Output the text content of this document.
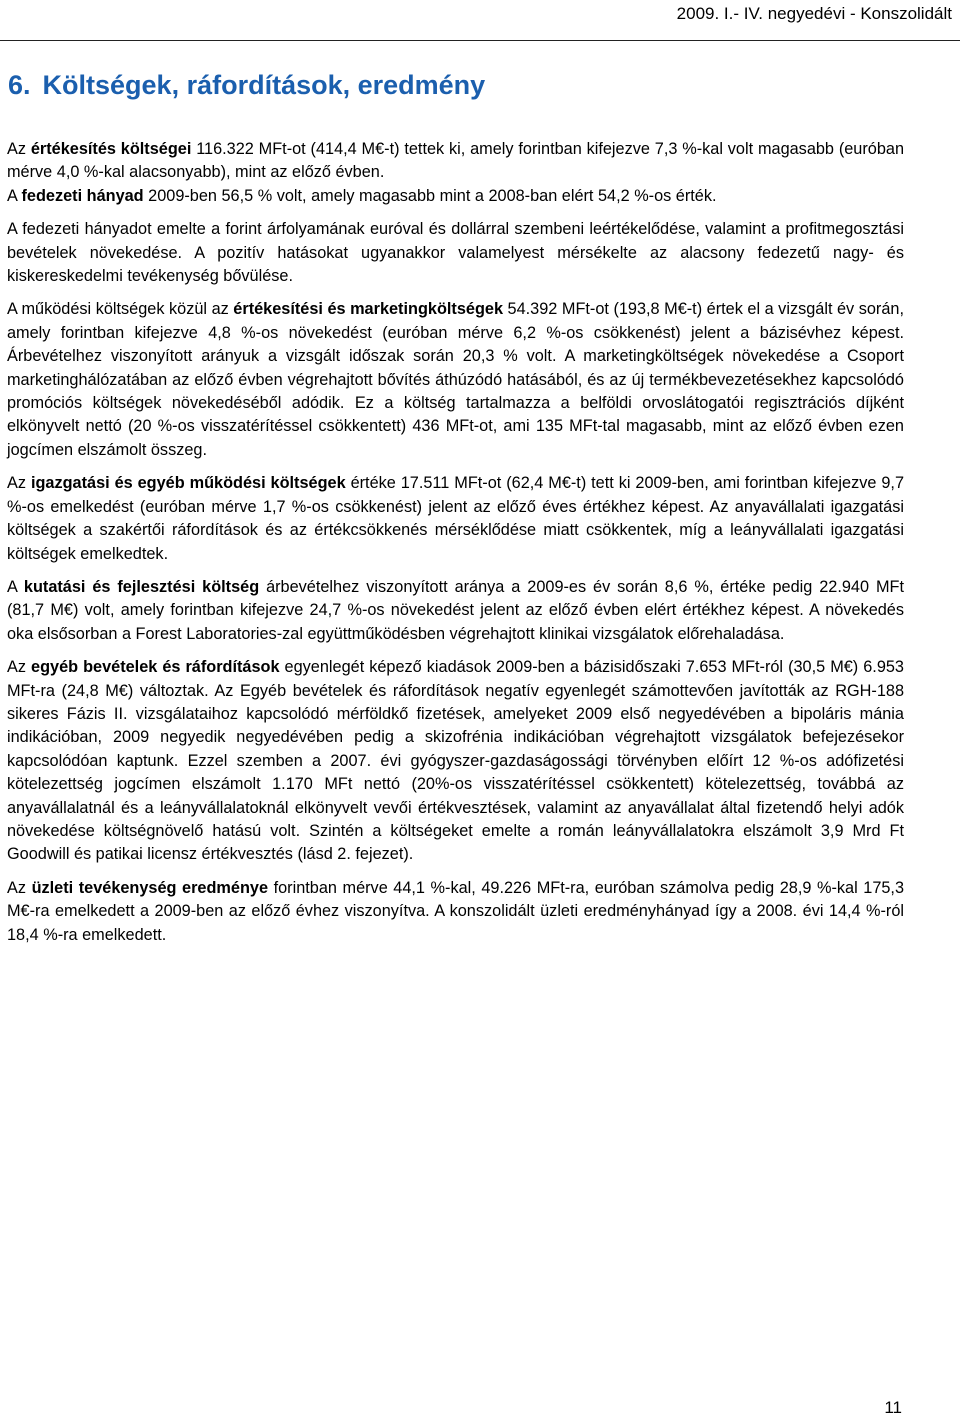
2009. I.- IV. negyedévi - Konszolidált
6. Költségek, ráfordítások, eredmény

Az értékesítés költségei 116.322 MFt-ot (414,4 M€-t) tettek ki, amely forintban kifejezve 7,3 %-kal volt magasabb (euróban mérve 4,0 %-kal alacsonyabb), mint az előző évben.

A fedezeti hányad 2009-ben 56,5 % volt, amely magasabb mint a 2008-ban elért 54,2 %-os érték.

A fedezeti hányadot emelte a forint árfolyamának euróval és dollárral szembeni leértékelődése, valamint a profitmegosztási bevételek növekedése. A pozitív hatásokat ugyanakkor valamelyest mérsékelte az alacsony fedezetű nagy- és kiskereskedelmi tevékenység bővülése.

A működési költségek közül az értékesítési és marketingköltségek 54.392 MFt-ot (193,8 M€-t) értek el a vizsgált év során, amely forintban kifejezve 4,8 %-os növekedést (euróban mérve 6,2 %-os csökkenést) jelent a bázisévhez képest. Árbevételhez viszonyított arányuk a vizsgált időszak során 20,3 % volt. A marketingköltségek növekedése a Csoport marketinghálózatában az előző évben végrehajtott bővítés áthúzódó hatásából, és az új termékbevezetésekhez kapcsolódó promóciós költségek növekedéséből adódik. Ez a költség tartalmazza a belföldi orvoslátogatói regisztrációs díjként elkönyvelt nettó (20 %-os visszatérítéssel csökkentett) 436 MFt-ot, ami 135 MFt-tal magasabb, mint az előző évben ezen jogcímen elszámolt összeg.

Az igazgatási és egyéb működési költségek értéke 17.511 MFt-ot (62,4 M€-t) tett ki 2009-ben, ami forintban kifejezve 9,7 %-os emelkedést (euróban mérve 1,7 %-os csökkenést) jelent az előző éves értékhez képest. Az anyavállalati igazgatási költségek a szakértői ráfordítások és az értékcsökkenés mérséklődése miatt csökkentek, míg a leányvállalati igazgatási költségek emelkedtek.

A kutatási és fejlesztési költség árbevételhez viszonyított aránya a 2009-es év során 8,6 %, értéke pedig 22.940 MFt (81,7 M€) volt, amely forintban kifejezve 24,7 %-os növekedést jelent az előző évben elért értékhez képest. A növekedés oka elsősorban a Forest Laboratories-zal együttműködésben végrehajtott klinikai vizsgálatok előrehaladása.

Az egyéb bevételek és ráfordítások egyenlegét képező kiadások 2009-ben a bázisidőszaki 7.653 MFt-ról (30,5 M€) 6.953 MFt-ra (24,8 M€) változtak. Az Egyéb bevételek és ráfordítások negatív egyenlegét számottevően javították az RGH-188 sikeres Fázis II. vizsgálataihoz kapcsolódó mérföldkő fizetések, amelyeket 2009 első negyedévében a bipoláris mánia indikációban, 2009 negyedik negyedévében pedig a skizofrénia indikációban végrehajtott vizsgálatok befejezésekor kapcsolódóan kaptunk. Ezzel szemben a 2007. évi gyógyszer-gazdaságossági törvényben előírt 12 %-os adófizetési kötelezettség jogcímen elszámolt 1.170 MFt nettó (20%-os visszatérítéssel csökkentett) kötelezettség, továbbá az anyavállalatnál és a leányvállalatoknál elkönyvelt vevői értékvesztések, valamint az anyavállalat által fizetendő helyi adók növekedése költségnövelő hatású volt. Szintén a költségeket emelte a román leányvállalatokra elszámolt 3,9 Mrd Ft Goodwill és patikai licensz értékvesztés (lásd 2. fejezet).

Az üzleti tevékenység eredménye forintban mérve 44,1 %-kal, 49.226 MFt-ra, euróban számolva pedig 28,9 %-kal 175,3 M€-ra emelkedett a 2009-ben az előző évhez viszonyítva. A konszolidált üzleti eredményhányad így a 2008. évi 14,4 %-ról 18,4 %-ra emelkedett.

11
